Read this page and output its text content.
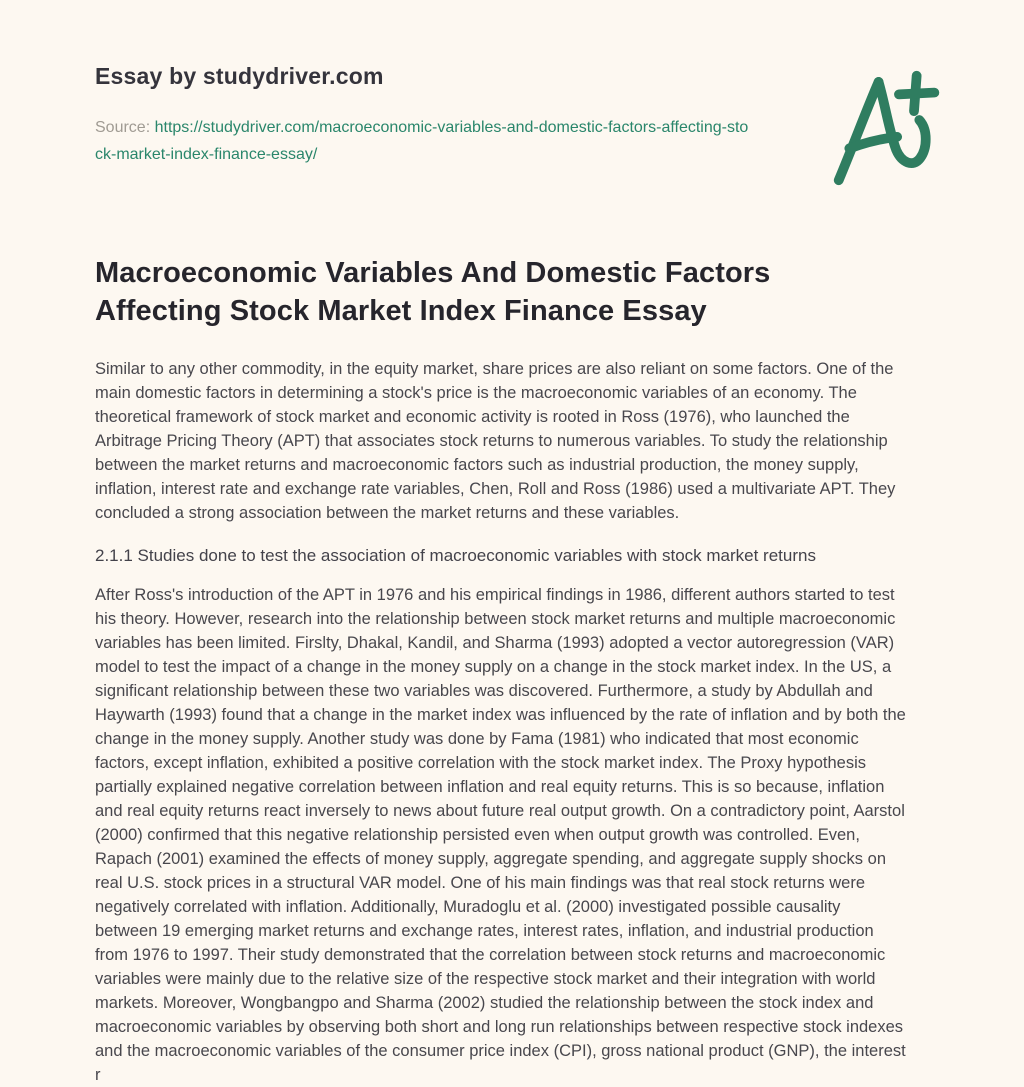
Essay by studydriver.com
Source: https://studydriver.com/macroeconomic-variables-and-domestic-factors-affecting-stock-market-index-finance-essay/
Macroeconomic Variables And Domestic Factors Affecting Stock Market Index Finance Essay

Similar to any other commodity, in the equity market, share prices are also reliant on some factors. One of the main domestic factors in determining a stock's price is the macroeconomic variables of an economy. The theoretical framework of stock market and economic activity is rooted in Ross (1976), who launched the Arbitrage Pricing Theory (APT) that associates stock returns to numerous variables. To study the relationship between the market returns and macroeconomic factors such as industrial production, the money supply, inflation, interest rate and exchange rate variables, Chen, Roll and Ross (1986) used a multivariate APT. They concluded a strong association between the market returns and these variables.

2.1.1 Studies done to test the association of macroeconomic variables with stock market returns

After Ross's introduction of the APT in 1976 and his empirical findings in 1986, different authors started to test his theory. However, research into the relationship between stock market returns and multiple macroeconomic variables has been limited. Firslty, Dhakal, Kandil, and Sharma (1993) adopted a vector autoregression (VAR) model to test the impact of a change in the money supply on a change in the stock market index. In the US, a significant relationship between these two variables was discovered. Furthermore, a study by Abdullah and Haywarth (1993) found that a change in the market index was influenced by the rate of inflation and by both the change in the money supply. Another study was done by Fama (1981) who indicated that most economic factors, except inflation, exhibited a positive correlation with the stock market index. The Proxy hypothesis partially explained negative correlation between inflation and real equity returns. This is so because, inflation and real equity returns react inversely to news about future real output growth. On a contradictory point, Aarstol (2000) confirmed that this negative relationship persisted even when output growth was controlled. Even, Rapach (2001) examined the effects of money supply, aggregate spending, and aggregate supply shocks on real U.S. stock prices in a structural VAR model. One of his main findings was that real stock returns were negatively correlated with inflation. Additionally, Muradoglu et al. (2000) investigated possible causality between 19 emerging market returns and exchange rates, interest rates, inflation, and industrial production from 1976 to 1997. Their study demonstrated that the correlation between stock returns and macroeconomic variables were mainly due to the relative size of the respective stock market and their integration with world markets. Moreover, Wongbangpo and Sharma (2002) studied the relationship between the stock index and macroeconomic variables by observing both short and long run relationships between respective stock indexes and the macroeconomic variables of the consumer price index (CPI), gross national product (GNP), the interest r
